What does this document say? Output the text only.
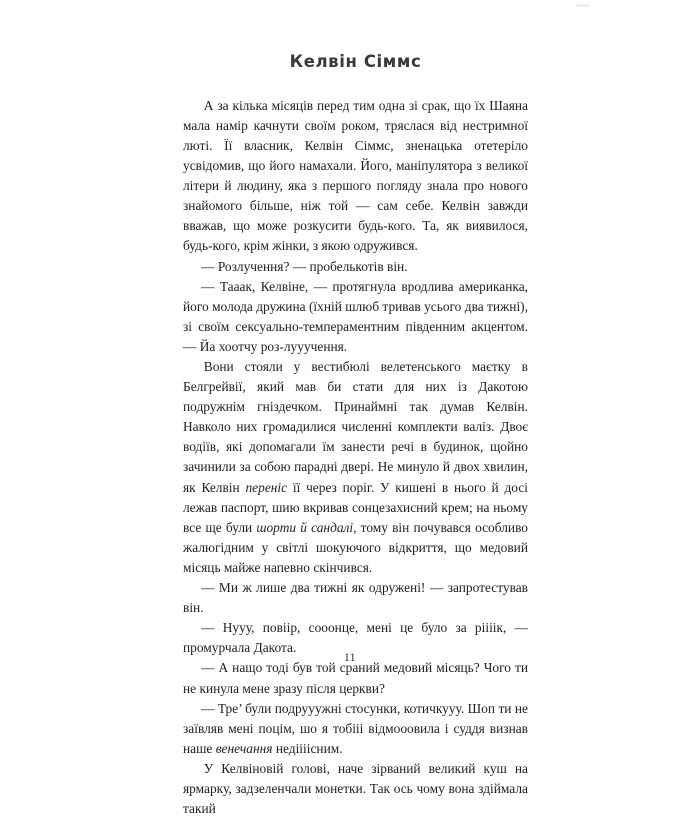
Келвін Сіммс

А за кілька місяців перед тим одна зі срак, що їх Шаяна мала намір качнути своїм роком, тряслася від нестримної люті. Її власник, Келвін Сіммс, зненацька отетеріло усвідомив, що його намахали. Його, маніпулятора з великої літери й людину, яка з першого погляду знала про нового знайомого більше, ніж той — сам себе. Келвін завжди вважав, що може розкусити будь-кого. Та, як виявилося, будь-кого, крім жінки, з якою одружився.

— Розлучення? — пробелькотів він.

— Тааак, Келвіне, — протягнула вродлива американка, його молода дружина (їхній шлюб тривав усього два тижні), зі своїм сексуально-темпераментним південним акцентом. — Йа хоотчу роз-лууучення.

Вони стояли у вестибюлі велетенського маєтку в Белгрейвії, який мав би стати для них із Дакотою подружнім гніздечком. Принаймні так думав Келвін. Навколо них громадилися численні комплекти валіз. Двоє водіїв, які допомагали їм занести речі в будинок, щойно зачинили за собою парадні двері. Не минуло й двох хвилин, як Келвін переніс її через поріг. У кишені в нього й досі лежав паспорт, шию вкривав сонцезахисний крем; на ньому все ще були шорти й сандалі, тому він почувався особливо жалюгідним у світлі шокуючого відкриття, що медовий місяць майже напевно скінчився.

— Ми ж лише два тижні як одружені! — запротестував він.

— Нууу, повіір, сооонце, мені це було за ріііік, — промурчала Дакота.

— А нащо тоді був той сраний медовий місяць? Чого ти не кинула мене зразу після церкви?

— Тре’ були подрууужні стосунки, котичкууу. Шоп ти не заївляв мені поцім, шо я тобііі відмооовила і суддя визнав наше венечання недіііісним.

У Келвіновій голові, наче зірваний великий куш на ярмарку, задзеленчали монетки. Так ось чому вона здіймала такий

11
